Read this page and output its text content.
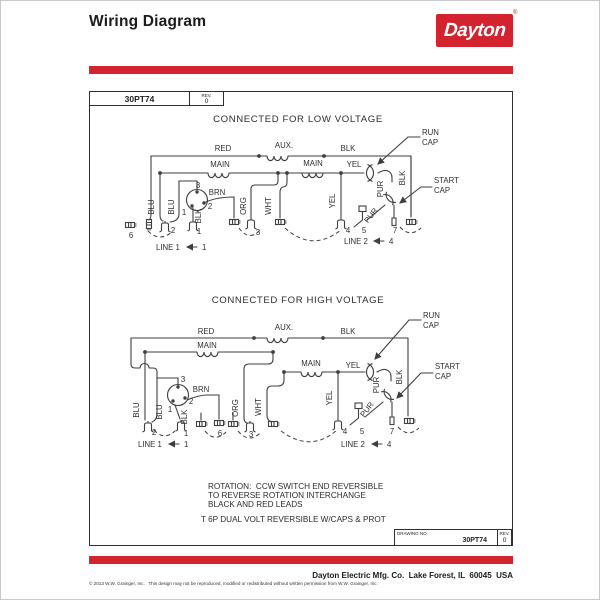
Wiring Diagram	Dayton
®
30PT74	REV.
0
CONNECTED FOR LOW VOLTAGE
RUN
CAP
START
CAP
RED	AUX.	BLK
MAIN	MAIN	YEL
BRN
3
2
1
BLU BLU
BLK
ORG WHT	YEL
PUR
BLK
PUR
6
2	1	3	4 5	7
LINE 1	1
LINE 2	4
CONNECTED FOR HIGH VOLTAGE
RUN
CAP
START
CAP
RED	AUX.	BLK
MAIN
MAIN	YEL
BRN
3
2
1
BLU BLU BLK
ORG WHT
YEL
PUR BLK
PUR
2	1	6	3	4 5	7
LINE 1	1	LINE 2	4
ROTATION:  CCW SWITCH END REVERSIBLE
TO REVERSE ROTATION INTERCHANGE
BLACK AND RED LEADS
T 6P DUAL VOLT REVERSIBLE W/CAPS & PROT
DRAWING NO.
30PT74
REV.
0
Dayton Electric Mfg. Co.  Lake Forest, IL  60045  USA
© 2013 W.W. Grainger, Inc.   This design may not be reproduced, modified or redistributed without written permission from W.W. Grainger, Inc.
